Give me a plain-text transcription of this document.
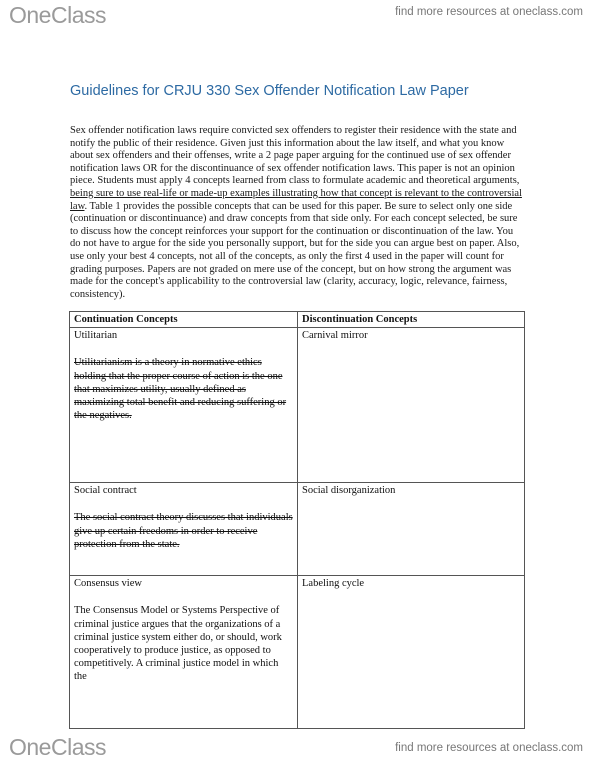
OneClass	find more resources at oneclass.com
Guidelines for CRJU 330 Sex Offender Notification Law Paper
Sex offender notification laws require convicted sex offenders to register their residence with the state and notify the public of their residence. Given just this information about the law itself, and what you know about sex offenders and their offenses, write a 2 page paper arguing for the continued use of sex offender notification laws OR for the discontinuance of sex offender notification laws. This paper is not an opinion piece. Students must apply 4 concepts learned from class to formulate academic and theoretical arguments, being sure to use real-life or made-up examples illustrating how that concept is relevant to the controversial law. Table 1 provides the possible concepts that can be used for this paper. Be sure to select only one side (continuation or discontinuance) and draw concepts from that side only. For each concept selected, be sure to discuss how the concept reinforces your support for the continuation or discontinuation of the law. You do not have to argue for the side you personally support, but for the side you can argue best on paper. Also, use only your best 4 concepts, not all of the concepts, as only the first 4 used in the paper will count for grading purposes. Papers are not graded on mere use of the concept, but on how strong the argument was made for the concept's applicability to the controversial law (clarity, accuracy, logic, relevance, fairness, consistency).
Continuation Concepts	Discontinuation Concepts

Utilitarian
Utilitarianism is a theory in normative ethics holding that the proper course of action is the one that maximizes utility, usually defined as maximizing total benefit and reducing suffering or the negatives.	Carnival mirror

Social contract
The social contract theory discusses that individuals give up certain freedoms in order to receive protection from the state.	Social disorganization

Consensus view
The Consensus Model or Systems Perspective of criminal justice argues that the organizations of a criminal justice system either do, or should, work cooperatively to produce justice, as opposed to competitively. A criminal justice model in which the	Labeling cycle
OneClass	find more resources at oneclass.com
